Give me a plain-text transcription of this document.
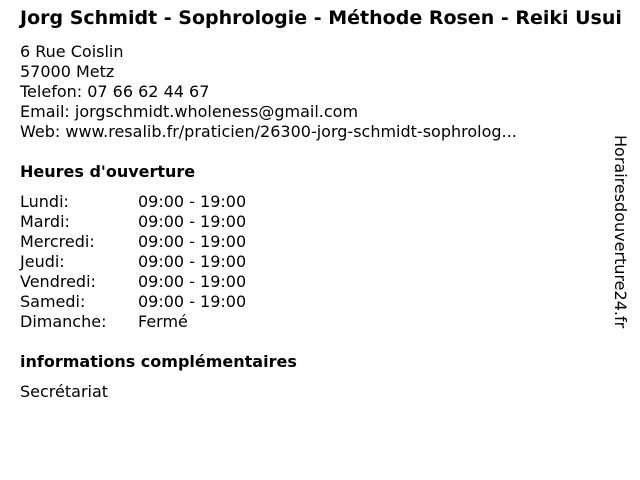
Jorg Schmidt - Sophrologie - Méthode Rosen - Reiki Usui
6 Rue Coislin
57000 Metz
Telefon: 07 66 62 44 67
Email: jorgschmidt.wholeness@gmail.com
Web: www.resalib.fr/praticien/26300-jorg-schmidt-sophrolog...
Heures d'ouverture
Lundi:	09:00 - 19:00
Mardi:	09:00 - 19:00
Mercredi:	09:00 - 19:00
Jeudi:	09:00 - 19:00
Vendredi:	09:00 - 19:00
Samedi:	09:00 - 19:00
Dimanche:	Fermé
informations complémentaires
Secrétariat
Horairesdouverture24.fr
